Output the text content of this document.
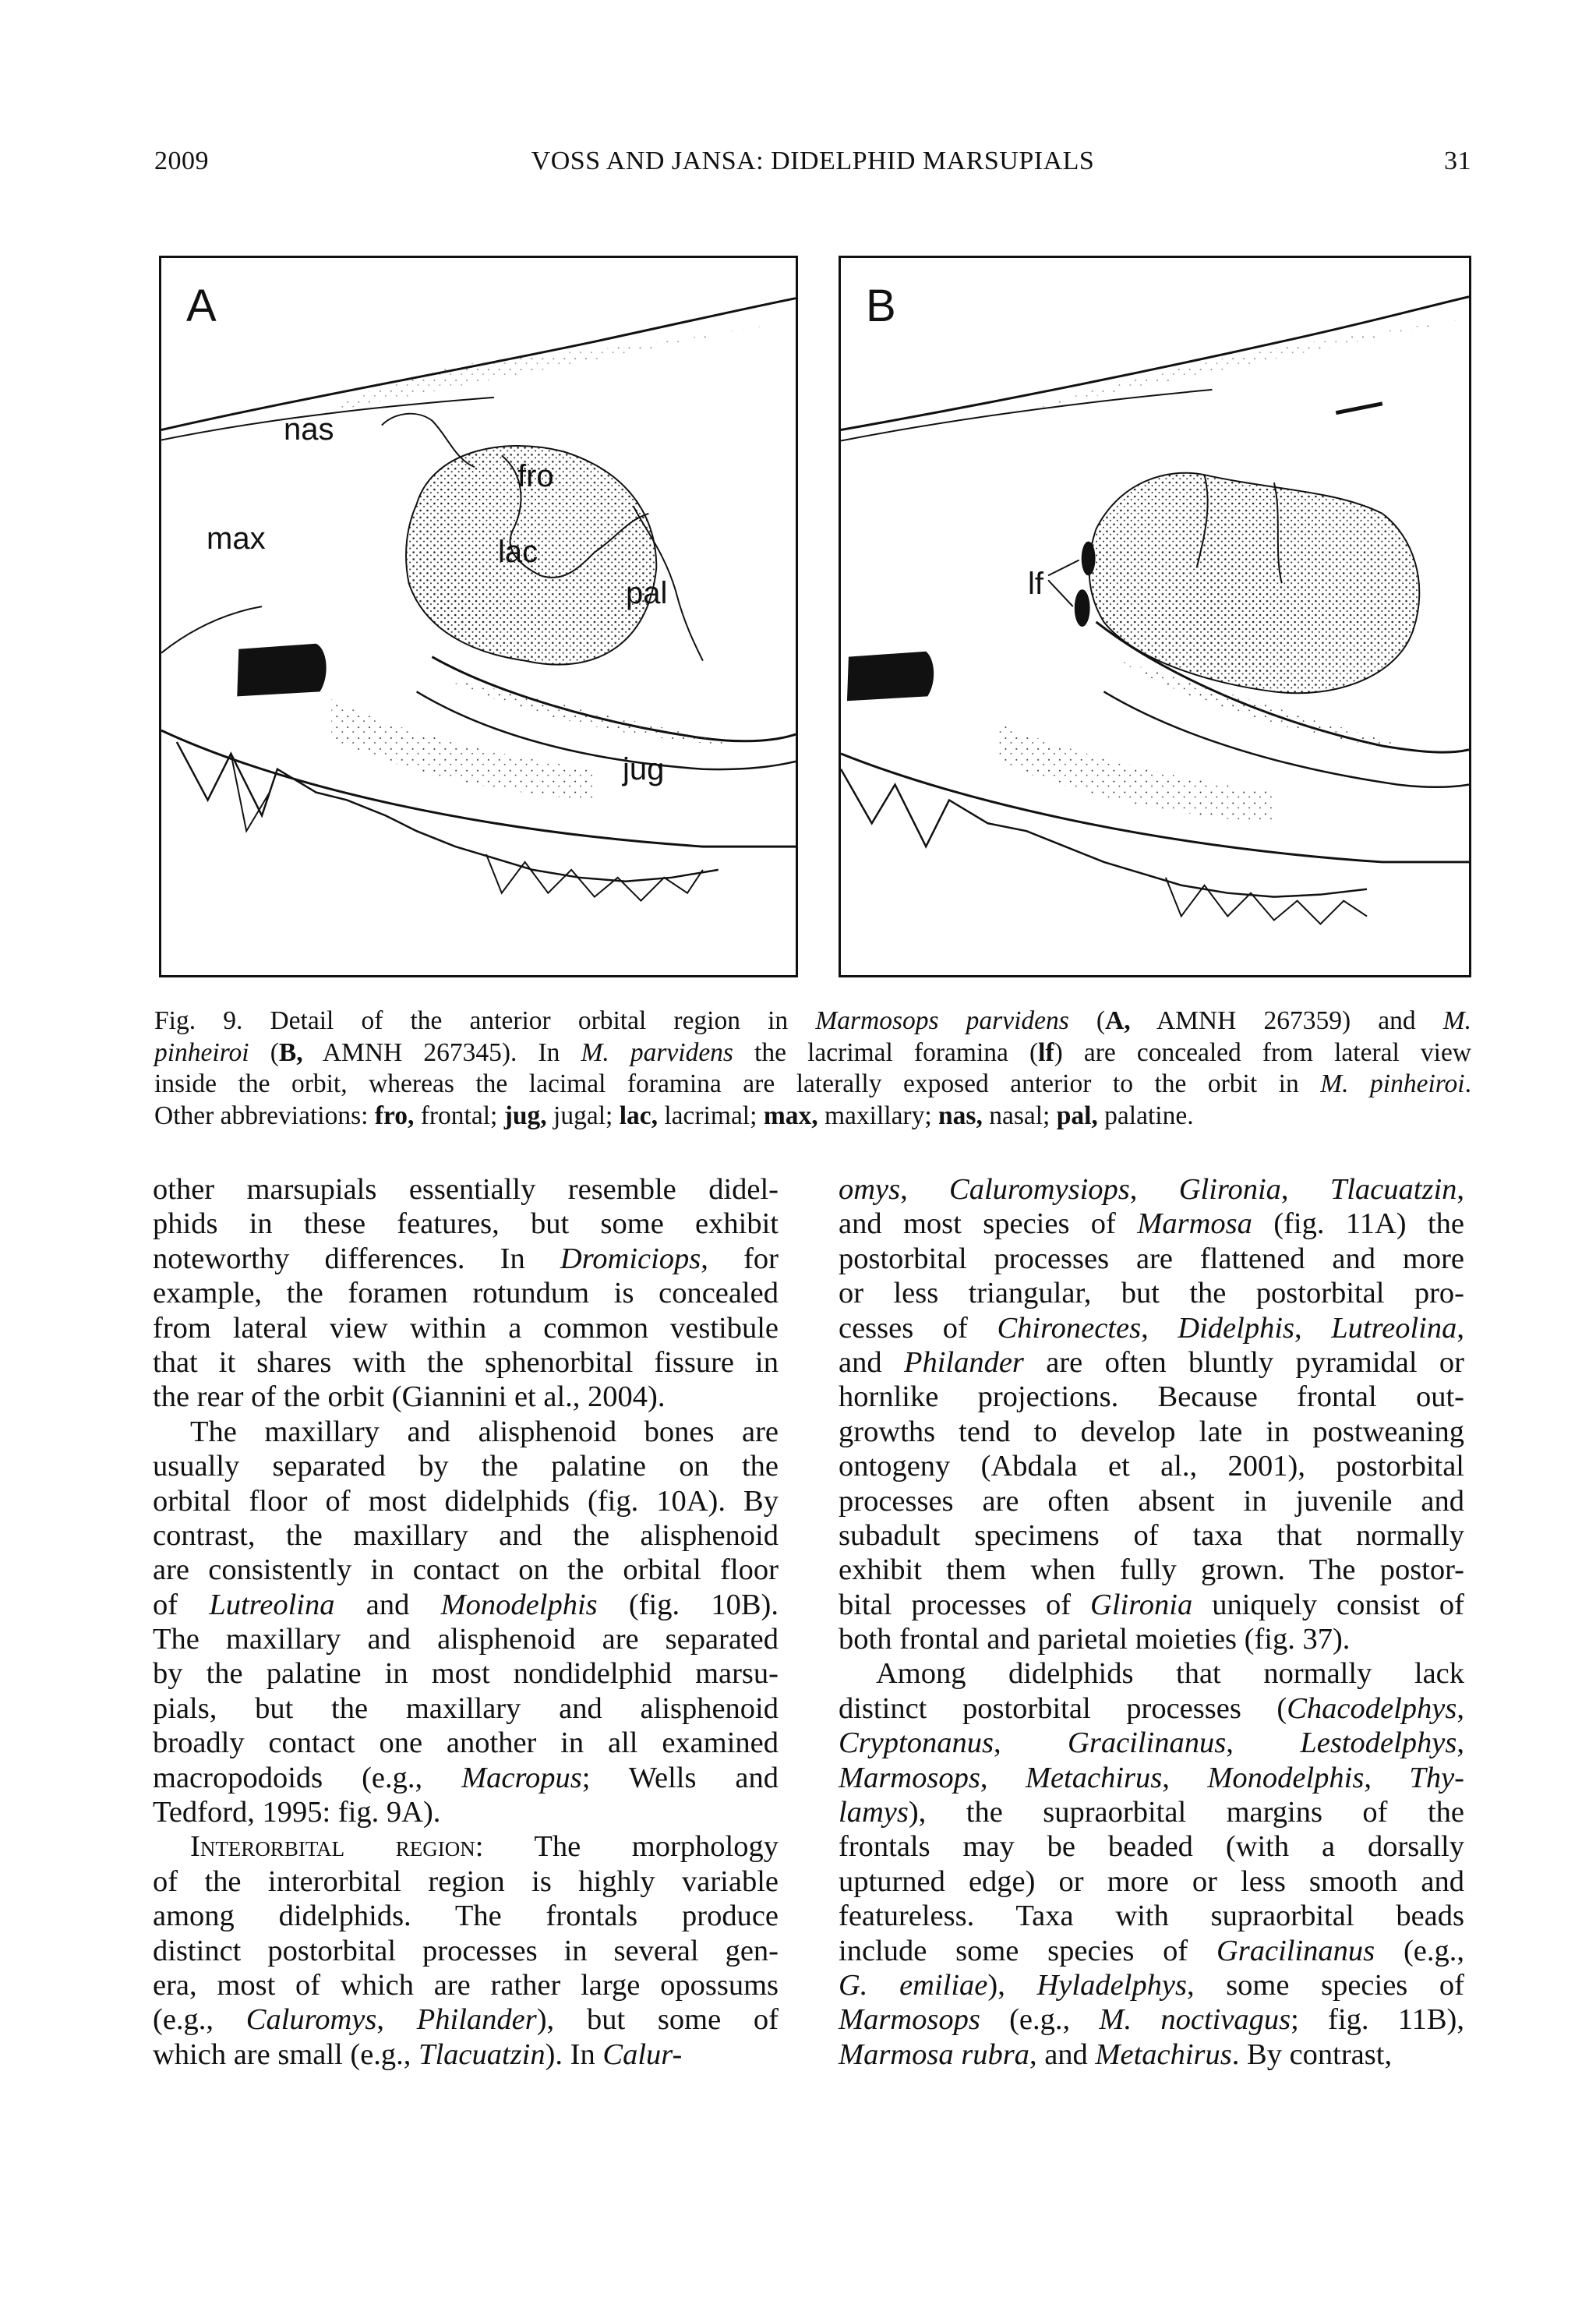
2009	VOSS AND JANSA: DIDELPHID MARSUPIALS	31
A
nas
max
fro
lac
pal
jug
B
lf
Fig. 9. Detail of the anterior orbital region in Marmosops parvidens (A, AMNH 267359) and M.
pinheiroi (B, AMNH 267345). In M. parvidens the lacrimal foramina (lf) are concealed from lateral view
inside the orbit, whereas the lacimal foramina are laterally exposed anterior to the orbit in M. pinheiroi.
Other abbreviations: fro, frontal; jug, jugal; lac, lacrimal; max, maxillary; nas, nasal; pal, palatine.
other marsupials essentially resemble didel-
phids in these features, but some exhibit
noteworthy differences. In Dromiciops, for
example, the foramen rotundum is concealed
from lateral view within a common vestibule
that it shares with the sphenorbital fissure in
the rear of the orbit (Giannini et al., 2004).
The maxillary and alisphenoid bones are
usually separated by the palatine on the
orbital floor of most didelphids (fig. 10A). By
contrast, the maxillary and the alisphenoid
are consistently in contact on the orbital floor
of Lutreolina and Monodelphis (fig. 10B).
The maxillary and alisphenoid are separated
by the palatine in most nondidelphid marsu-
pials, but the maxillary and alisphenoid
broadly contact one another in all examined
macropodoids (e.g., Macropus; Wells and
Tedford, 1995: fig. 9A).
Interorbital region: The morphology
of the interorbital region is highly variable
among didelphids. The frontals produce
distinct postorbital processes in several gen-
era, most of which are rather large opossums
(e.g., Caluromys, Philander), but some of
which are small (e.g., Tlacuatzin). In Calur-
omys, Caluromysiops, Glironia, Tlacuatzin,
and most species of Marmosa (fig. 11A) the
postorbital processes are flattened and more
or less triangular, but the postorbital pro-
cesses of Chironectes, Didelphis, Lutreolina,
and Philander are often bluntly pyramidal or
hornlike projections. Because frontal out-
growths tend to develop late in postweaning
ontogeny (Abdala et al., 2001), postorbital
processes are often absent in juvenile and
subadult specimens of taxa that normally
exhibit them when fully grown. The postor-
bital processes of Glironia uniquely consist of
both frontal and parietal moieties (fig. 37).
Among didelphids that normally lack
distinct postorbital processes (Chacodelphys,
Cryptonanus, Gracilinanus, Lestodelphys,
Marmosops, Metachirus, Monodelphis, Thy-
lamys), the supraorbital margins of the
frontals may be beaded (with a dorsally
upturned edge) or more or less smooth and
featureless. Taxa with supraorbital beads
include some species of Gracilinanus (e.g.,
G. emiliae), Hyladelphys, some species of
Marmosops (e.g., M. noctivagus; fig. 11B),
Marmosa rubra, and Metachirus. By contrast,
